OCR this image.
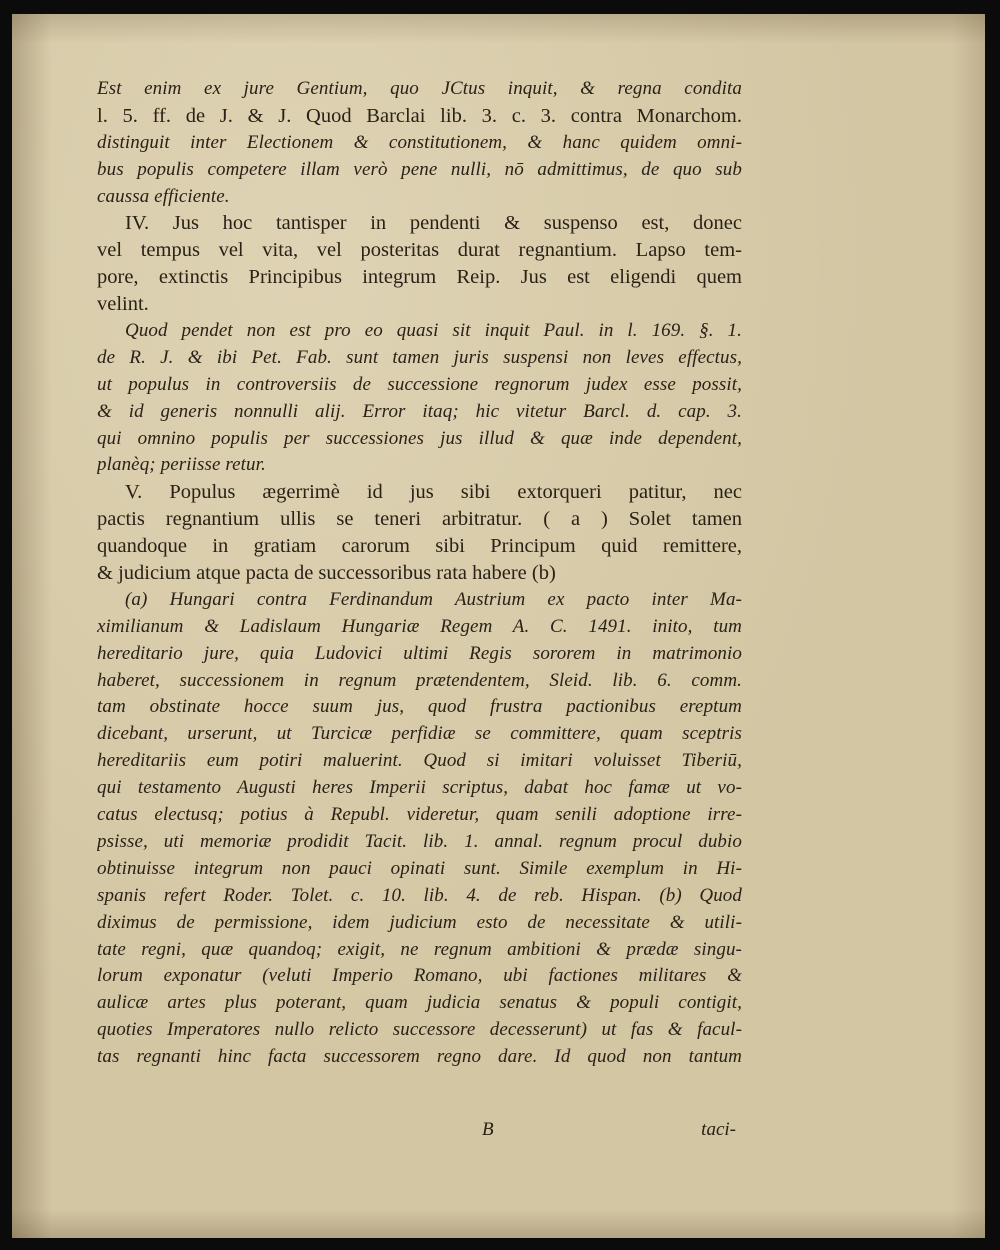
Est enim ex jure Gentium, quo JCtus inquit, & regna condita
l. 5. ff. de J. & J. Quod Barclai lib. 3. c. 3. contra Monarchom.
distinguit inter Electionem & constitutionem, & hanc quidem omni-
bus populis competere illam verò pene nulli, nō admittimus, de quo sub
caussa efficiente.
IV. Jus hoc tantisper in pendenti & suspenso est, donec
vel tempus vel vita, vel posteritas durat regnantium. Lapso tem-
pore, extinctis Principibus integrum Reip. Jus est eligendi quem
velint.
Quod pendet non est pro eo quasi sit inquit Paul. in l. 169. §. 1.
de R. J. & ibi Pet. Fab. sunt tamen juris suspensi non leves effectus,
ut populus in controversiis de successione regnorum judex esse possit,
& id generis nonnulli alij. Error itaq; hic vitetur Barcl. d. cap. 3.
qui omnino populis per successiones jus illud & quæ inde dependent,
planèq; periisse retur.
V. Populus ægerrimè id jus sibi extorqueri patitur, nec
pactis regnantium ullis se teneri arbitratur. ( a ) Solet tamen
quandoque in gratiam carorum sibi Principum quid remittere,
& judicium atque pacta de successoribus rata habere (b)
(a) Hungari contra Ferdinandum Austrium ex pacto inter Ma-
ximilianum & Ladislaum Hungariæ Regem A. C. 1491. inito, tum
hereditario jure, quia Ludovici ultimi Regis sororem in matrimonio
haberet, successionem in regnum prætendentem, Sleid. lib. 6. comm.
tam obstinate hocce suum jus, quod frustra pactionibus ereptum
dicebant, urserunt, ut Turcicæ perfidiæ se committere, quam sceptris
hereditariis eum potiri maluerint. Quod si imitari voluisset Tiberiū,
qui testamento Augusti heres Imperii scriptus, dabat hoc famæ ut vo-
catus electusq; potius à Republ. videretur, quam senili adoptione irre-
psisse, uti memoriæ prodidit Tacit. lib. 1. annal. regnum procul dubio
obtinuisse integrum non pauci opinati sunt. Simile exemplum in Hi-
spanis refert Roder. Tolet. c. 10. lib. 4. de reb. Hispan. (b) Quod
diximus de permissione, idem judicium esto de necessitate & utili-
tate regni, quæ quandoq; exigit, ne regnum ambitioni & prædæ singu-
lorum exponatur (veluti Imperio Romano, ubi factiones militares &
aulicæ artes plus poterant, quam judicia senatus & populi contigit,
quoties Imperatores nullo relicto successore decesserunt) ut fas & facul-
tas regnanti hinc facta successorem regno dare. Id quod non tantum
B	taci-
